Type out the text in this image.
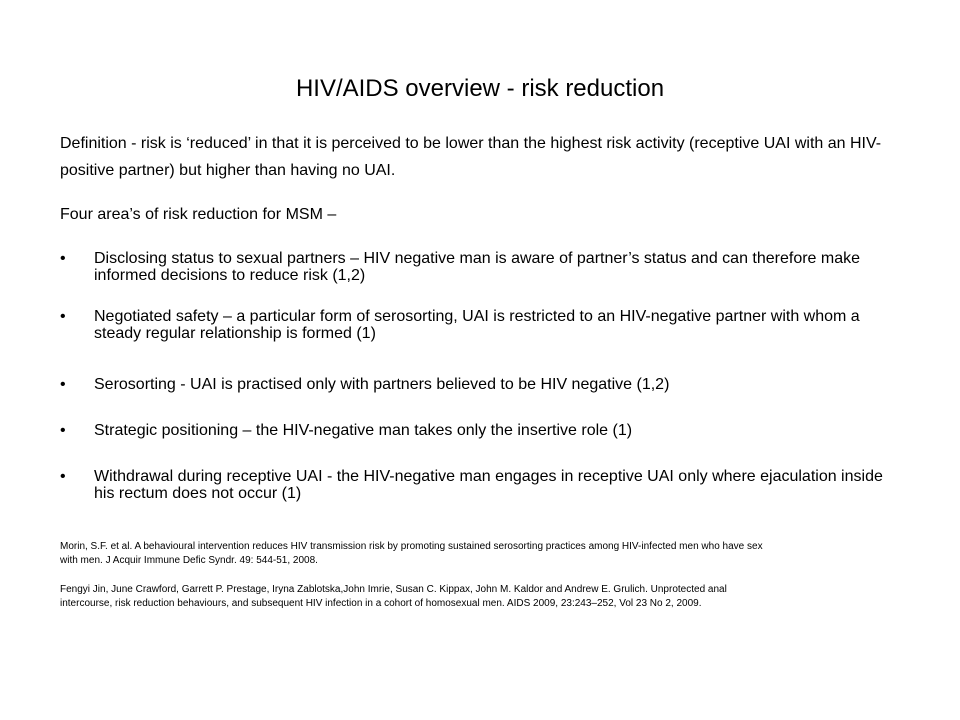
HIV/AIDS overview - risk reduction
Definition - risk is ‘reduced’ in that it is perceived to be lower than the highest risk activity (receptive UAI with an HIV-positive partner) but higher than having no UAI.
Four area’s of risk reduction for MSM –
•	Disclosing status to sexual partners – HIV negative man is aware of partner’s status and can therefore make informed decisions to reduce risk (1,2)
•	Negotiated safety – a particular form of serosorting, UAI is restricted to an HIV-negative partner with whom a steady regular relationship is formed (1)
•	Serosorting - UAI is practised only with partners believed to be HIV negative (1,2)
•	Strategic positioning – the HIV-negative man takes only the insertive role (1)
•	Withdrawal during receptive UAI - the HIV-negative man engages in receptive UAI only where ejaculation inside his rectum does not occur (1)
Morin, S.F. et al. A behavioural intervention reduces HIV transmission risk by promoting sustained serosorting practices among HIV-infected men who have sex with men. J Acquir Immune Defic Syndr. 49: 544-51, 2008.
Fengyi Jin, June Crawford, Garrett P. Prestage, Iryna Zablotska,John Imrie, Susan C. Kippax, John M. Kaldor and Andrew E. Grulich. Unprotected anal intercourse, risk reduction behaviours, and subsequent HIV infection in a cohort of homosexual men. AIDS 2009, 23:243–252, Vol 23 No 2, 2009.
